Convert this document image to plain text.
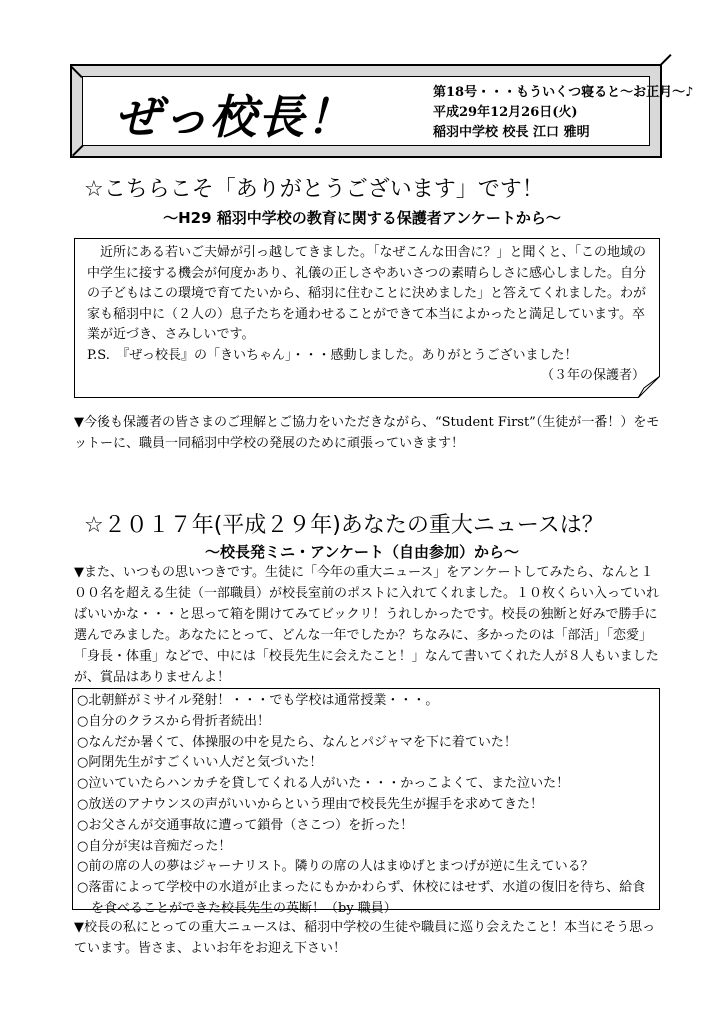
ぜっ校長！	第18号・・・もういくつ寝ると～お正月～♪
平成29年12月26日(火)
稲羽中学校 校長 江口 雅明
☆こちらこそ「ありがとうございます」です！
～H29 稲羽中学校の教育に関する保護者アンケートから～

近所にある若いご夫婦が引っ越してきました。「なぜこんな田舎に？」と聞くと、「この地域の中学生に接する機会が何度かあり、礼儀の正しさやあいさつの素晴らしさに感心しました。自分の子どもはこの環境で育てたいから、稲羽に住むことに決めました」と答えてくれました。わが家も稲羽中に（２人の）息子たちを通わせることができて本当によかったと満足しています。卒業が近づき、さみしいです。

P.S.　『ぜっ校長』の「きいちゃん」・・・感動しました。ありがとうございました！

（３年の保護者）

▼今後も保護者の皆さまのご理解とご協力をいただきながら、“Student First”（生徒が一番！）をモットーに、職員一同稲羽中学校の発展のために頑張っていきます！

☆２０１７年(平成２９年)あなたの重大ニュースは？
～校長発ミニ・アンケート（自由参加）から～

▼また、いつもの思いつきです。生徒に「今年の重大ニュース」をアンケートしてみたら、なんと１００名を超える生徒（一部職員）が校長室前のポストに入れてくれました。１０枚くらい入っていればいいかな・・・と思って箱を開けてみてビックリ！うれしかったです。校長の独断と好みで勝手に選んでみました。あなたにとって、どんな一年でしたか？ちなみに、多かったのは「部活」「恋愛」「身長・体重」などで、中には「校長先生に会えたこと！」なんて書いてくれた人が８人もいましたが、賞品はありませんよ！

○北朝鮮がミサイル発射！・・・でも学校は通常授業・・・。
○自分のクラスから骨折者続出！
○なんだか暑くて、体操服の中を見たら、なんとパジャマを下に着ていた！
○阿閉先生がすごくいい人だと気づいた！
○泣いていたらハンカチを貸してくれる人がいた・・・かっこよくて、また泣いた！
○放送のアナウンスの声がいいからという理由で校長先生が握手を求めてきた！
○お父さんが交通事故に遭って鎖骨（さこつ）を折った！
○自分が実は音痴だった！
○前の席の人の夢はジャーナリスト。隣りの席の人はまゆげとまつげが逆に生えている？
○落雷によって学校中の水道が止まったにもかかわらず、休校にはせず、水道の復旧を待ち、給食を食べることができた校長先生の英断！（by 職員）

▼校長の私にとっての重大ニュースは、稲羽中学校の生徒や職員に巡り会えたこと！本当にそう思っています。皆さま、よいお年をお迎え下さい！
